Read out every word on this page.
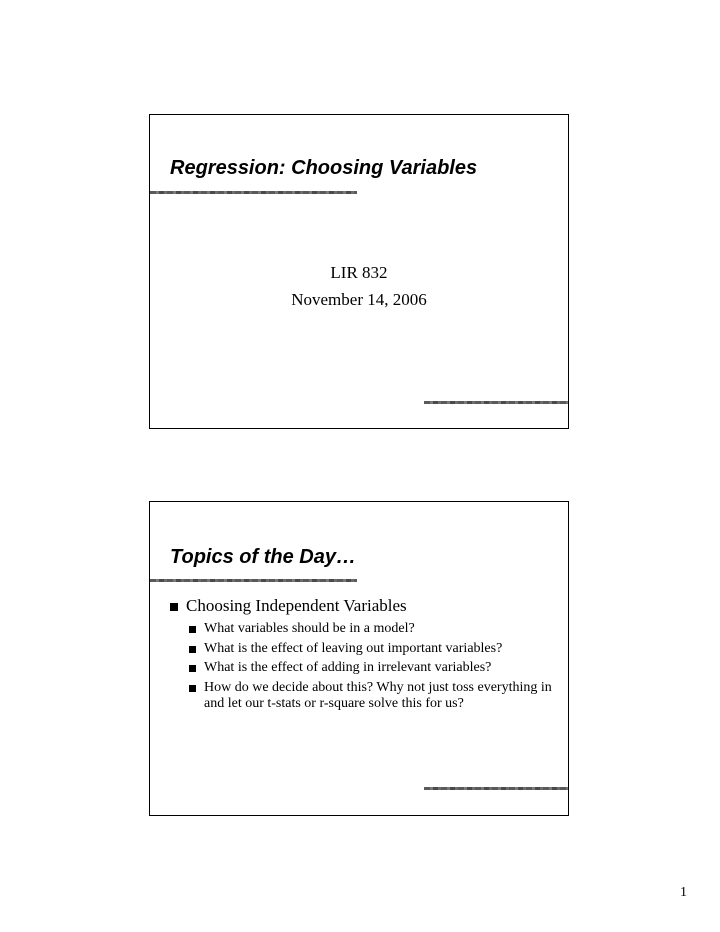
Regression: Choosing Variables
LIR 832
November 14, 2006
Topics of the Day…
Choosing Independent Variables
What variables should be in a model?
What is the effect of leaving out important variables?
What is the effect of adding in irrelevant variables?
How do we decide about this? Why not just toss everything in and let our t-stats or r-square solve this for us?
1
